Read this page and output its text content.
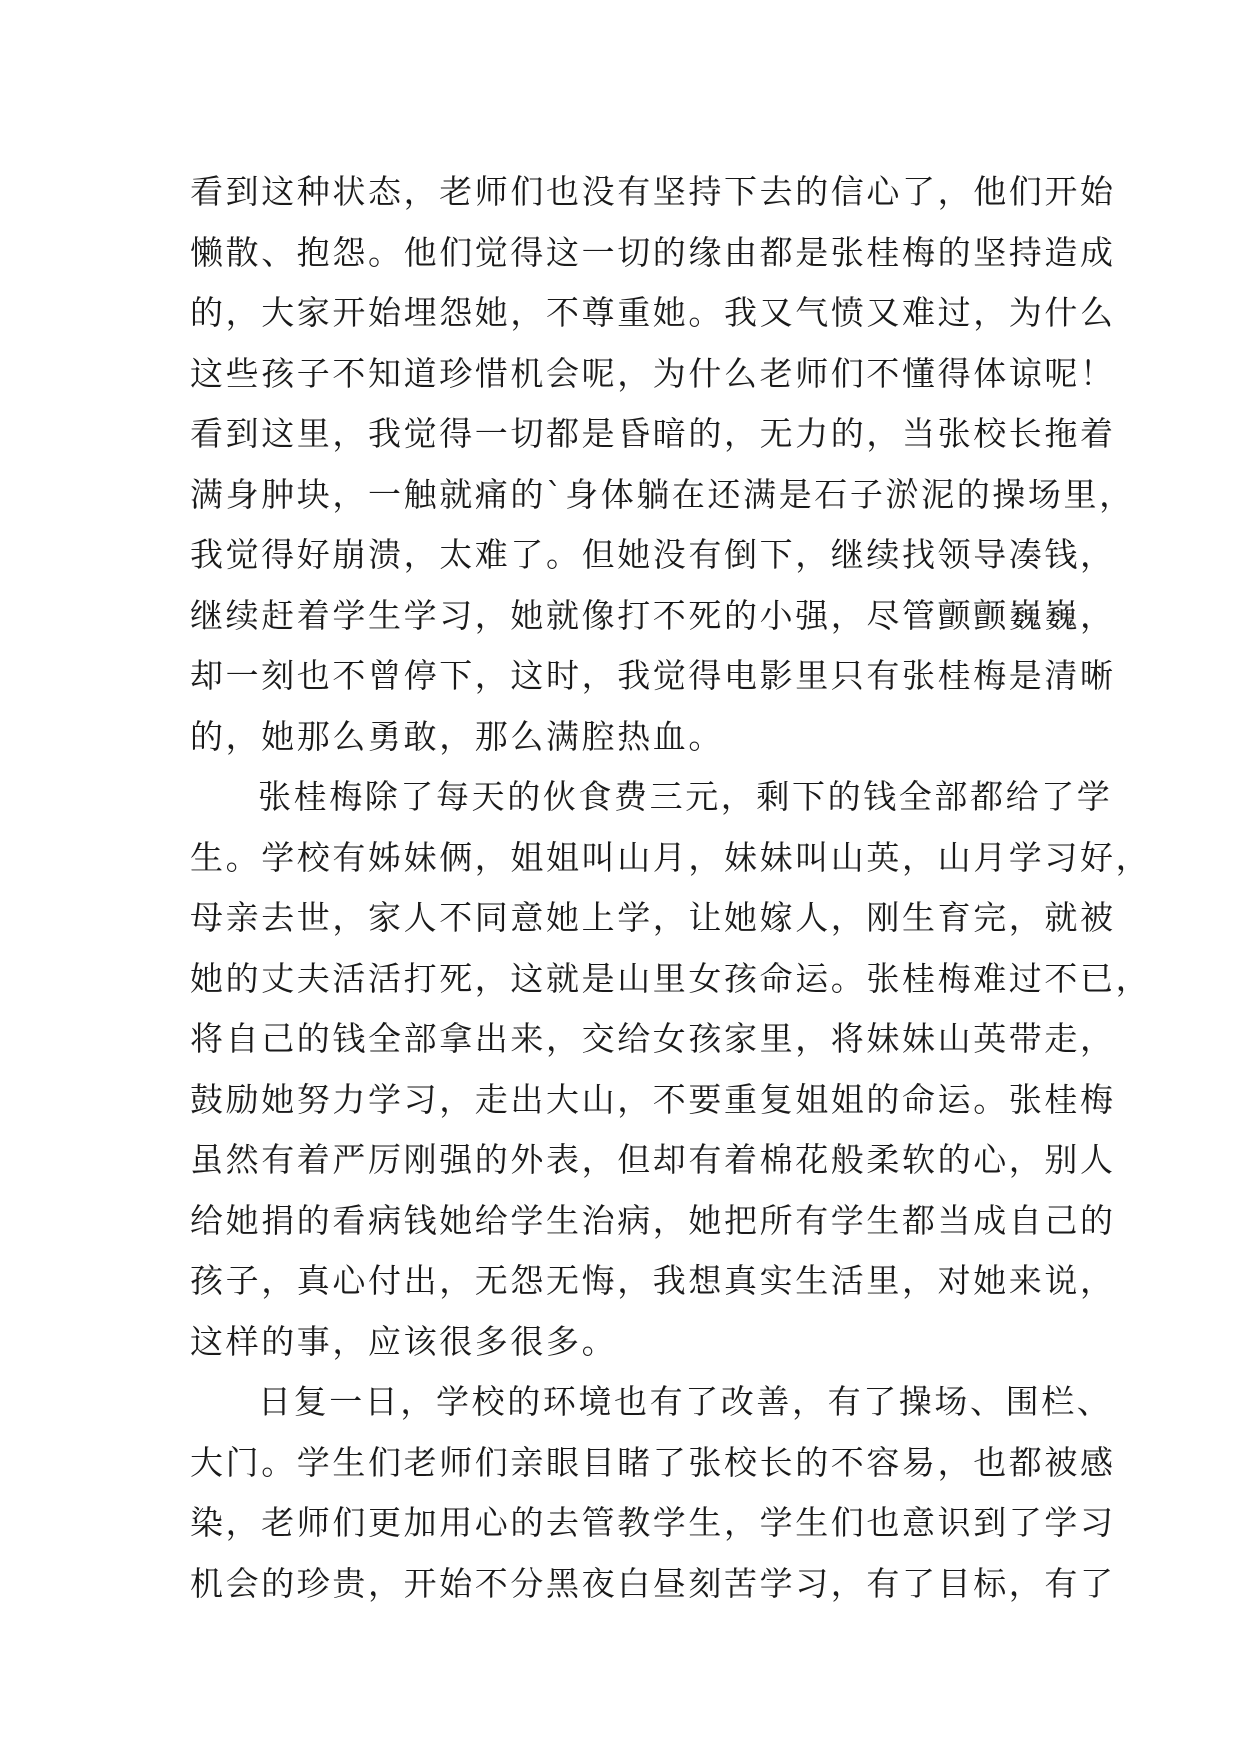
看到这种状态，老师们也没有坚持下去的信心了，他们开始
懒散、抱怨。他们觉得这一切的缘由都是张桂梅的坚持造成
的，大家开始埋怨她，不尊重她。我又气愤又难过，为什么
这些孩子不知道珍惜机会呢，为什么老师们不懂得体谅呢！
看到这里，我觉得一切都是昏暗的，无力的，当张校长拖着
满身肿块，一触就痛的`身体躺在还满是石子淤泥的操场里，
我觉得好崩溃，太难了。但她没有倒下，继续找领导凑钱，
继续赶着学生学习，她就像打不死的小强，尽管颤颤巍巍，
却一刻也不曾停下，这时，我觉得电影里只有张桂梅是清晰
的，她那么勇敢，那么满腔热血。
张桂梅除了每天的伙食费三元，剩下的钱全部都给了学
生。学校有姊妹俩，姐姐叫山月，妹妹叫山英，山月学习好，
母亲去世，家人不同意她上学，让她嫁人，刚生育完，就被
她的丈夫活活打死，这就是山里女孩命运。张桂梅难过不已，
将自己的钱全部拿出来，交给女孩家里，将妹妹山英带走，
鼓励她努力学习，走出大山，不要重复姐姐的命运。张桂梅
虽然有着严厉刚强的外表，但却有着棉花般柔软的心，别人
给她捐的看病钱她给学生治病，她把所有学生都当成自己的
孩子，真心付出，无怨无悔，我想真实生活里，对她来说，
这样的事，应该很多很多。
日复一日，学校的环境也有了改善，有了操场、围栏、
大门。学生们老师们亲眼目睹了张校长的不容易，也都被感
染，老师们更加用心的去管教学生，学生们也意识到了学习
机会的珍贵，开始不分黑夜白昼刻苦学习，有了目标，有了
